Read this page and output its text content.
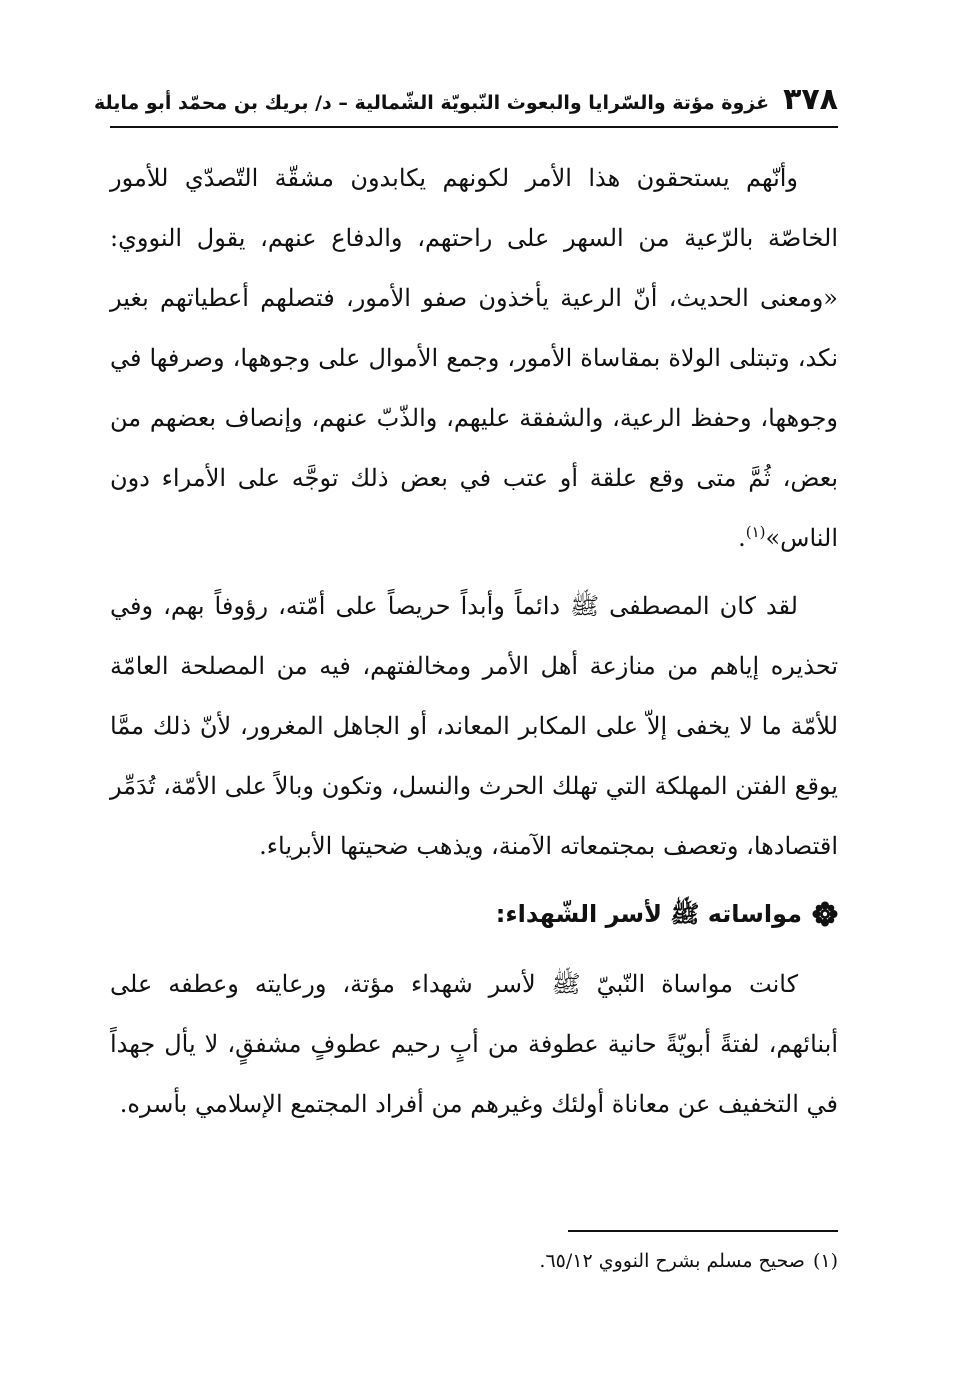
٣٧٨
غزوة مؤتة والسّرايا والبعوث النّبويّة الشّمالية – د/ بريك بن محمّد أبو مايلة

وأنّهم يستحقون هذا الأمر لكونهم يكابدون مشقّة التّصدّي للأمور الخاصّة بالرّعية من السهر على راحتهم، والدفاع عنهم، يقول النووي: «ومعنى الحديث، أنّ الرعية يأخذون صفو الأمور، فتصلهم أعطياتهم بغير نكد، وتبتلى الولاة بمقاساة الأمور، وجمع الأموال على وجوهها، وصرفها في وجوهها، وحفظ الرعية، والشفقة عليهم، والذّبّ عنهم، وإنصاف بعضهم من بعض، ثُمَّ متى وقع علقة أو عتب في بعض ذلك توجَّه على الأمراء دون الناس»$^{(١)}$.

لقد كان المصطفى ﷺ دائماً وأبداً حريصاً على أمّته، رؤوفاً بهم، وفي تحذيره إياهم من منازعة أهل الأمر ومخالفتهم، فيه من المصلحة العامّة للأمّة ما لا يخفى إلاّ على المكابر المعاند، أو الجاهل المغرور، لأنّ ذلك ممَّا يوقع الفتن المهلكة التي تهلك الحرث والنسل، وتكون وبالاً على الأمّة، تُدَمِّر اقتصادها، وتعصف بمجتمعاته الآمنة، ويذهب ضحيتها الأبرياء.

مواساته ﷺ لأسر الشّهداء:

كانت مواساة النّبيّ ﷺ لأسر شهداء مؤتة، ورعايته وعطفه على أبنائهم، لفتةً أبويّةً حانية عطوفة من أبٍ رحيم عطوفٍ مشفقٍ، لا يأل جهداً في التخفيف عن معاناة أولئك وغيرهم من أفراد المجتمع الإسلامي بأسره.

(١)
صحيح مسلم بشرح النووي ٦٥/١٢.
